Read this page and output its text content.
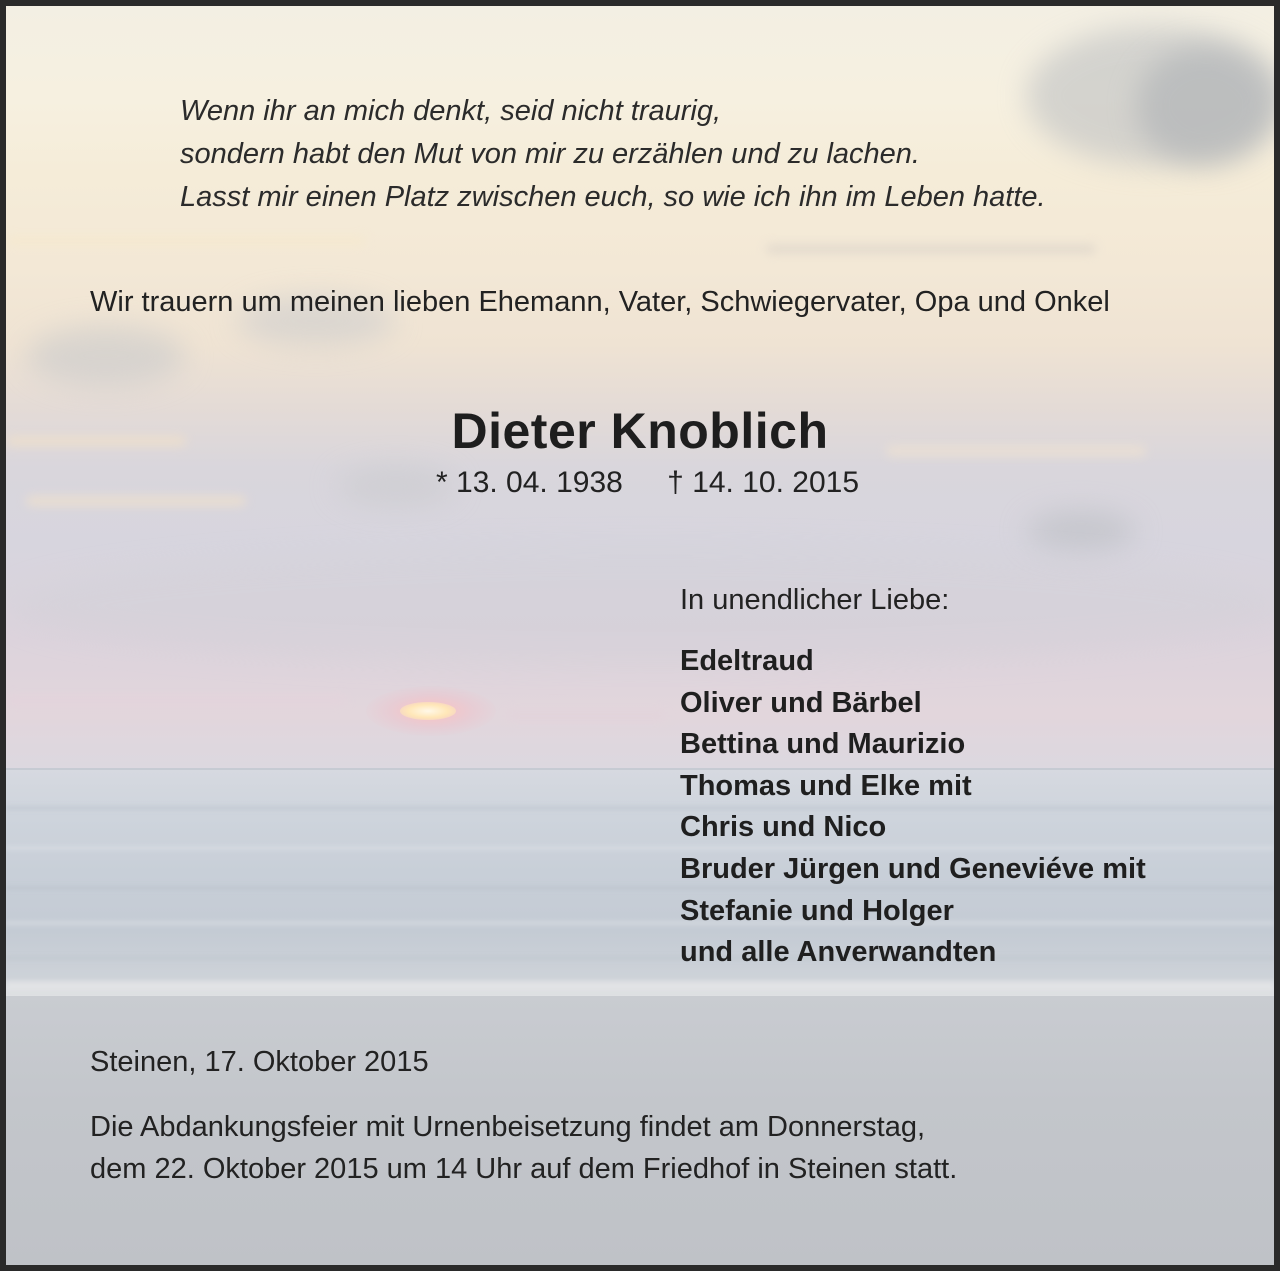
Wenn ihr an mich denkt, seid nicht traurig,
sondern habt den Mut von mir zu erzählen und zu lachen.
Lasst mir einen Platz zwischen euch, so wie ich ihn im Leben hatte.
Wir trauern um meinen lieben Ehemann, Vater, Schwiegervater, Opa und Onkel
Dieter Knoblich
* 13. 04. 1938 † 14. 10. 2015
In unendlicher Liebe:
Edeltraud
Oliver und Bärbel
Bettina und Maurizio
Thomas und Elke mit
Chris und Nico
Bruder Jürgen und Geneviéve mit
Stefanie und Holger
und alle Anverwandten
Steinen, 17. Oktober 2015
Die Abdankungsfeier mit Urnenbeisetzung findet am Donnerstag,
dem 22. Oktober 2015 um 14 Uhr auf dem Friedhof in Steinen statt.
